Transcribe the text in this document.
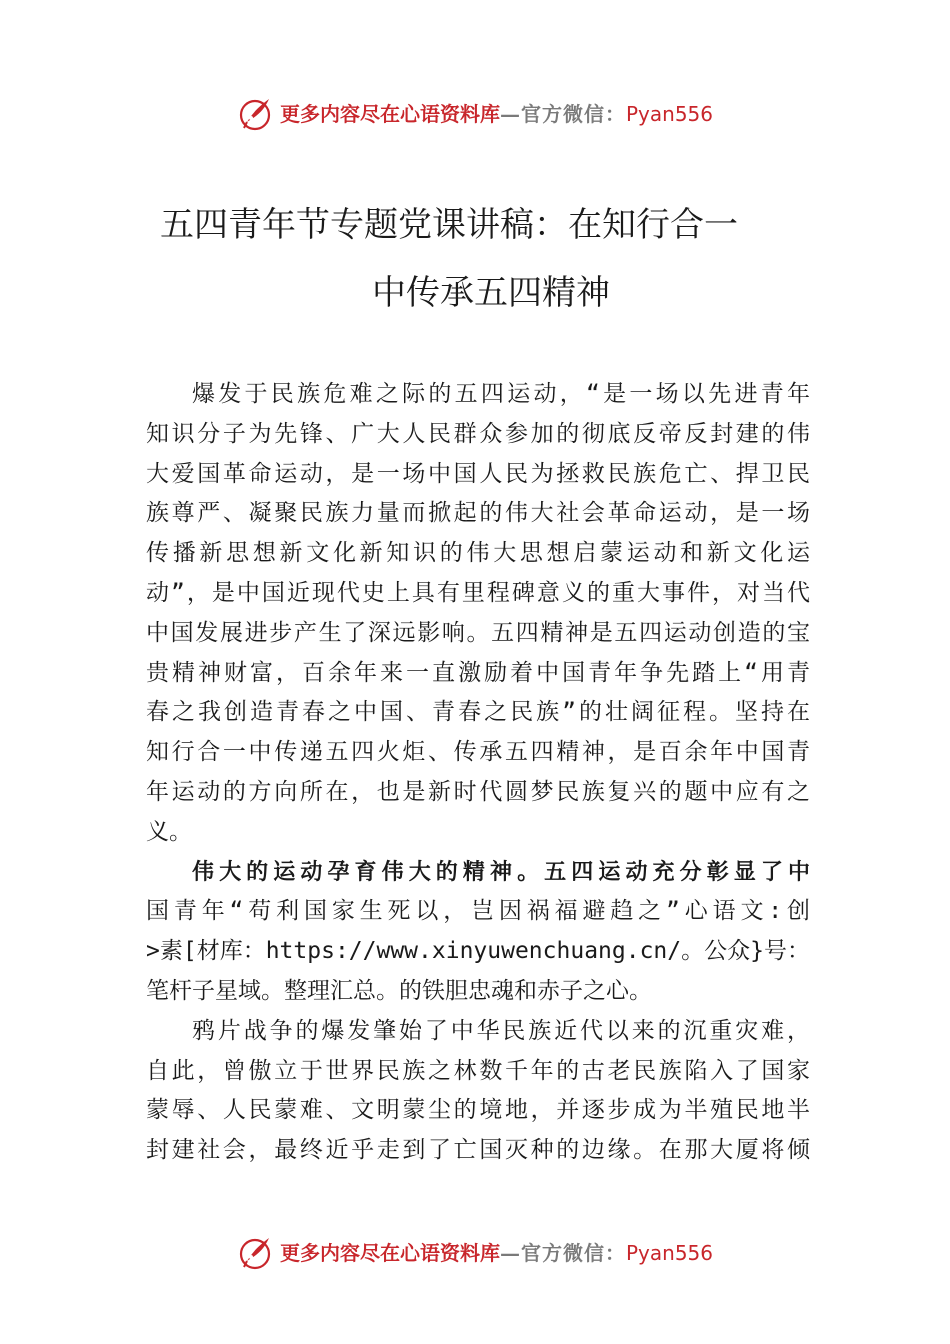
更多内容尽在心语资料库—官方微信：Pyan556
五四青年节专题党课讲稿：在知行合一
中传承五四精神
爆发于民族危难之际的五四运动，“是一场以先进青年
知识分子为先锋、广大人民群众参加的彻底反帝反封建的伟
大爱国革命运动，是一场中国人民为拯救民族危亡、捍卫民
族尊严、凝聚民族力量而掀起的伟大社会革命运动，是一场
传播新思想新文化新知识的伟大思想启蒙运动和新文化运
动”，是中国近现代史上具有里程碑意义的重大事件，对当代
中国发展进步产生了深远影响。五四精神是五四运动创造的宝
贵精神财富，百余年来一直激励着中国青年争先踏上“用青
春之我创造青春之中国、青春之民族”的壮阔征程。坚持在
知行合一中传递五四火炬、传承五四精神，是百余年中国青
年运动的方向所在，也是新时代圆梦民族复兴的题中应有之
义。
伟大的运动孕育伟大的精神。五四运动充分彰显了中
国青年“苟利国家生死以，岂因祸福避趋之”心语文:创
>素[材库：https://www.xinyuwenchuang.cn/。公众}号：
笔杆子星域。整理汇总。的铁胆忠魂和赤子之心。
鸦片战争的爆发肇始了中华民族近代以来的沉重灾难，
自此，曾傲立于世界民族之林数千年的古老民族陷入了国家
蒙辱、人民蒙难、文明蒙尘的境地，并逐步成为半殖民地半
封建社会，最终近乎走到了亡国灭种的边缘。在那大厦将倾
更多内容尽在心语资料库—官方微信：Pyan556
